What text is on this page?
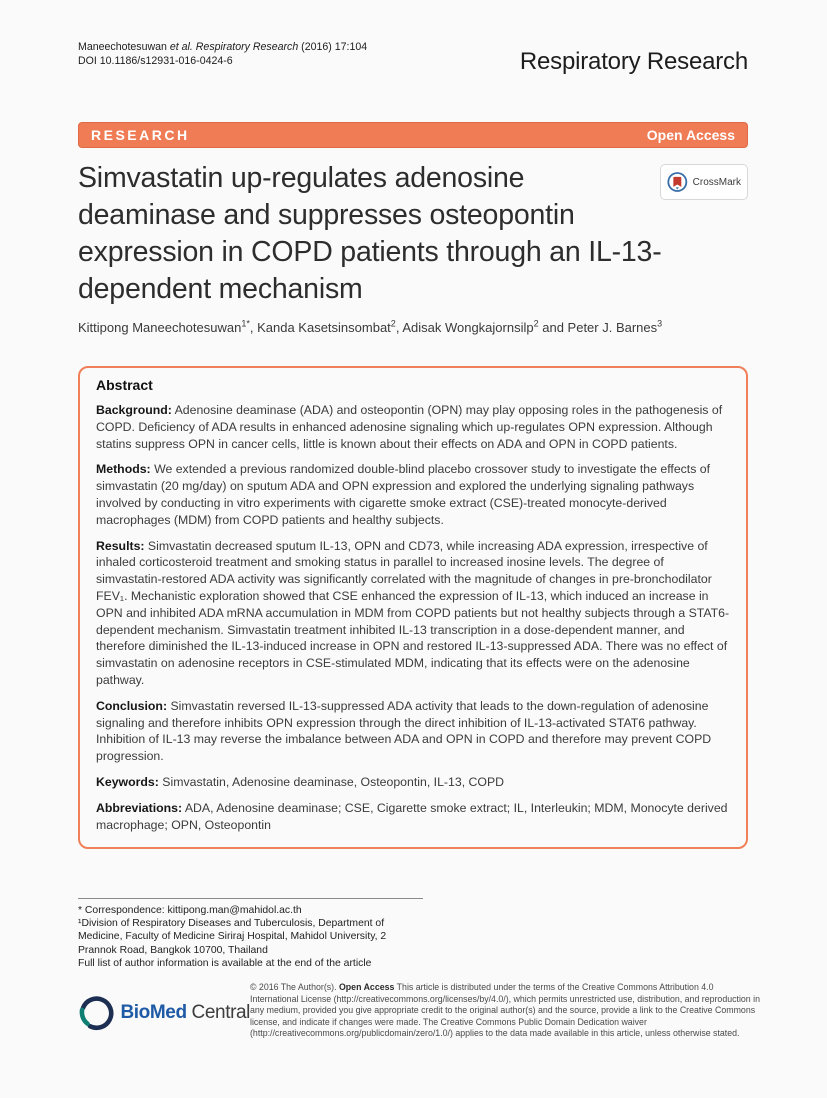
Maneechotesuwan et al. Respiratory Research (2016) 17:104
DOI 10.1186/s12931-016-0424-6	Respiratory Research
RESEARCH	Open Access
CrossMark
Simvastatin up-regulates adenosine deaminase and suppresses osteopontin expression in COPD patients through an IL-13-dependent mechanism
Kittipong Maneechotesuwan$^{1*}$, Kanda Kasetsinsombat$^2$, Adisak Wongkajornsilp$^2$ and Peter J. Barnes$^3$
Abstract

Background: Adenosine deaminase (ADA) and osteopontin (OPN) may play opposing roles in the pathogenesis of COPD. Deficiency of ADA results in enhanced adenosine signaling which up-regulates OPN expression. Although statins suppress OPN in cancer cells, little is known about their effects on ADA and OPN in COPD patients.

Methods: We extended a previous randomized double-blind placebo crossover study to investigate the effects of simvastatin (20 mg/day) on sputum ADA and OPN expression and explored the underlying signaling pathways involved by conducting in vitro experiments with cigarette smoke extract (CSE)-treated monocyte-derived macrophages (MDM) from COPD patients and healthy subjects.

Results: Simvastatin decreased sputum IL-13, OPN and CD73, while increasing ADA expression, irrespective of inhaled corticosteroid treatment and smoking status in parallel to increased inosine levels. The degree of simvastatin-restored ADA activity was significantly correlated with the magnitude of changes in pre-bronchodilator FEV₁. Mechanistic exploration showed that CSE enhanced the expression of IL-13, which induced an increase in OPN and inhibited ADA mRNA accumulation in MDM from COPD patients but not healthy subjects through a STAT6-dependent mechanism. Simvastatin treatment inhibited IL-13 transcription in a dose-dependent manner, and therefore diminished the IL-13-induced increase in OPN and restored IL-13-suppressed ADA. There was no effect of simvastatin on adenosine receptors in CSE-stimulated MDM, indicating that its effects were on the adenosine pathway.

Conclusion: Simvastatin reversed IL-13-suppressed ADA activity that leads to the down-regulation of adenosine signaling and therefore inhibits OPN expression through the direct inhibition of IL-13-activated STAT6 pathway. Inhibition of IL-13 may reverse the imbalance between ADA and OPN in COPD and therefore may prevent COPD progression.

Keywords: Simvastatin, Adenosine deaminase, Osteopontin, IL-13, COPD

Abbreviations: ADA, Adenosine deaminase; CSE, Cigarette smoke extract; IL, Interleukin; MDM, Monocyte derived macrophage; OPN, Osteopontin

* Correspondence: kittipong.man@mahidol.ac.th
¹Division of Respiratory Diseases and Tuberculosis, Department of Medicine, Faculty of Medicine Siriraj Hospital, Mahidol University, 2 Prannok Road, Bangkok 10700, Thailand
Full list of author information is available at the end of the article
BioMed Central
© 2016 The Author(s). Open Access This article is distributed under the terms of the Creative Commons Attribution 4.0 International License (http://creativecommons.org/licenses/by/4.0/), which permits unrestricted use, distribution, and reproduction in any medium, provided you give appropriate credit to the original author(s) and the source, provide a link to the Creative Commons license, and indicate if changes were made. The Creative Commons Public Domain Dedication waiver (http://creativecommons.org/publicdomain/zero/1.0/) applies to the data made available in this article, unless otherwise stated.
